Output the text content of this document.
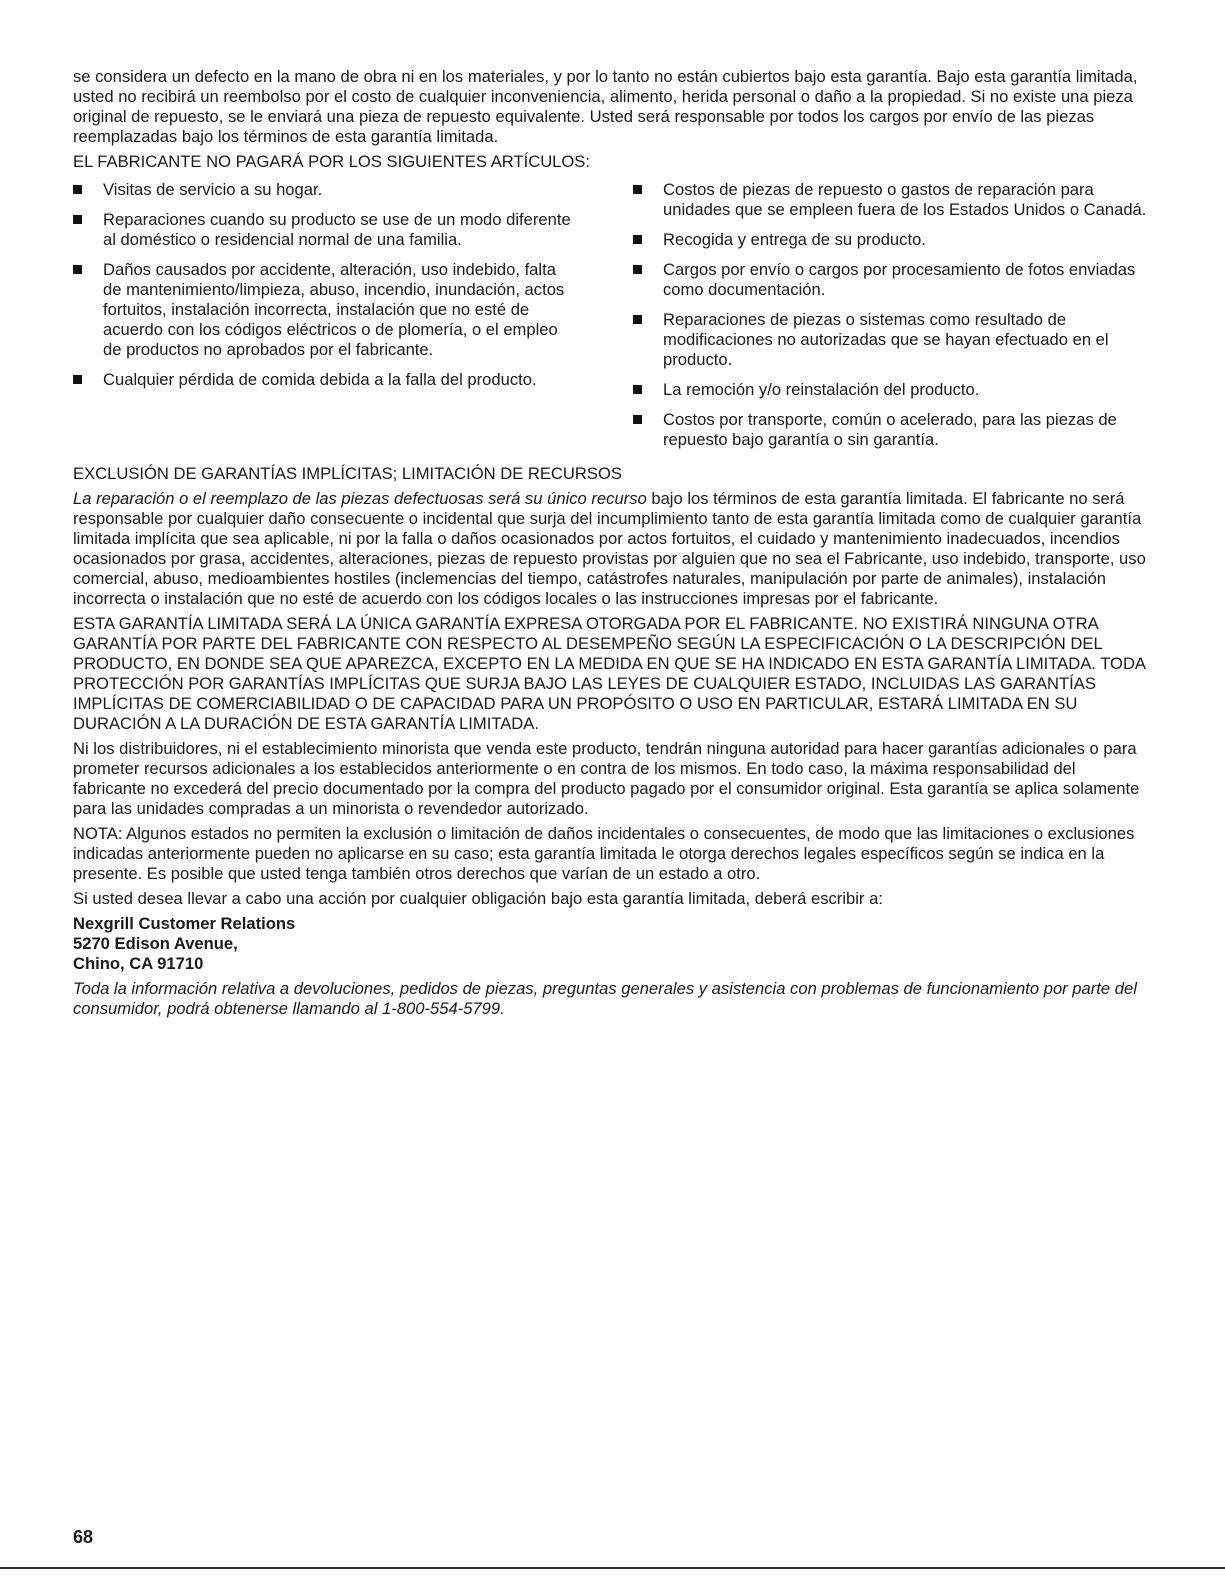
se considera un defecto en la mano de obra ni en los materiales, y por lo tanto no están cubiertos bajo esta garantía. Bajo esta garantía limitada, usted no recibirá un reembolso por el costo de cualquier inconveniencia, alimento, herida personal o daño a la propiedad. Si no existe una pieza original de repuesto, se le enviará una pieza de repuesto equivalente. Usted será responsable por todos los cargos por envío de las piezas reemplazadas bajo los términos de esta garantía limitada.

EL FABRICANTE NO PAGARÁ POR LOS SIGUIENTES ARTÍCULOS:

Visitas de servicio a su hogar.
Reparaciones cuando su producto se use de un modo diferente al doméstico o residencial normal de una familia.
Daños causados por accidente, alteración, uso indebido, falta de mantenimiento/limpieza, abuso, incendio, inundación, actos fortuitos, instalación incorrecta, instalación que no esté de acuerdo con los códigos eléctricos o de plomería, o el empleo de productos no aprobados por el fabricante.
Cualquier pérdida de comida debida a la falla del producto.
Costos de piezas de repuesto o gastos de reparación para unidades que se empleen fuera de los Estados Unidos o Canadá.
Recogida y entrega de su producto.
Cargos por envío o cargos por procesamiento de fotos enviadas como documentación.
Reparaciones de piezas o sistemas como resultado de modificaciones no autorizadas que se hayan efectuado en el producto.
La remoción y/o reinstalación del producto.
Costos por transporte, común o acelerado, para las piezas de repuesto bajo garantía o sin garantía.

EXCLUSIÓN DE GARANTÍAS IMPLÍCITAS; LIMITACIÓN DE RECURSOS

La reparación o el reemplazo de las piezas defectuosas será su único recurso bajo los términos de esta garantía limitada. El fabricante no será responsable por cualquier daño consecuente o incidental que surja del incumplimiento tanto de esta garantía limitada como de cualquier garantía limitada implícita que sea aplicable, ni por la falla o daños ocasionados por actos fortuitos, el cuidado y mantenimiento inadecuados, incendios ocasionados por grasa, accidentes, alteraciones, piezas de repuesto provistas por alguien que no sea el Fabricante, uso indebido, transporte, uso comercial, abuso, medioambientes hostiles (inclemencias del tiempo, catástrofes naturales, manipulación por parte de animales), instalación incorrecta o instalación que no esté de acuerdo con los códigos locales o las instrucciones impresas por el fabricante.

ESTA GARANTÍA LIMITADA SERÁ LA ÚNICA GARANTÍA EXPRESA OTORGADA POR EL FABRICANTE. NO EXISTIRÁ NINGUNA OTRA GARANTÍA POR PARTE DEL FABRICANTE CON RESPECTO AL DESEMPEÑO SEGÚN LA ESPECIFICACIÓN O LA DESCRIPCIÓN DEL PRODUCTO, EN DONDE SEA QUE APAREZCA, EXCEPTO EN LA MEDIDA EN QUE SE HA INDICADO EN ESTA GARANTÍA LIMITADA. TODA PROTECCIÓN POR GARANTÍAS IMPLÍCITAS QUE SURJA BAJO LAS LEYES DE CUALQUIER ESTADO, INCLUIDAS LAS GARANTÍAS IMPLÍCITAS DE COMERCIABILIDAD O DE CAPACIDAD PARA UN PROPÓSITO O USO EN PARTICULAR, ESTARÁ LIMITADA EN SU DURACIÓN A LA DURACIÓN DE ESTA GARANTÍA LIMITADA.

Ni los distribuidores, ni el establecimiento minorista que venda este producto, tendrán ninguna autoridad para hacer garantías adicionales o para prometer recursos adicionales a los establecidos anteriormente o en contra de los mismos. En todo caso, la máxima responsabilidad del fabricante no excederá del precio documentado por la compra del producto pagado por el consumidor original. Esta garantía se aplica solamente para las unidades compradas a un minorista o revendedor autorizado.

NOTA: Algunos estados no permiten la exclusión o limitación de daños incidentales o consecuentes, de modo que las limitaciones o exclusiones indicadas anteriormente pueden no aplicarse en su caso; esta garantía limitada le otorga derechos legales específicos según se indica en la presente. Es posible que usted tenga también otros derechos que varían de un estado a otro.

Si usted desea llevar a cabo una acción por cualquier obligación bajo esta garantía limitada, deberá escribir a:

Nexgrill Customer Relations
5270 Edison Avenue,
Chino, CA 91710

Toda la información relativa a devoluciones, pedidos de piezas, preguntas generales y asistencia con problemas de funcionamiento por parte del consumidor, podrá obtenerse llamando al 1-800-554-5799.

68
